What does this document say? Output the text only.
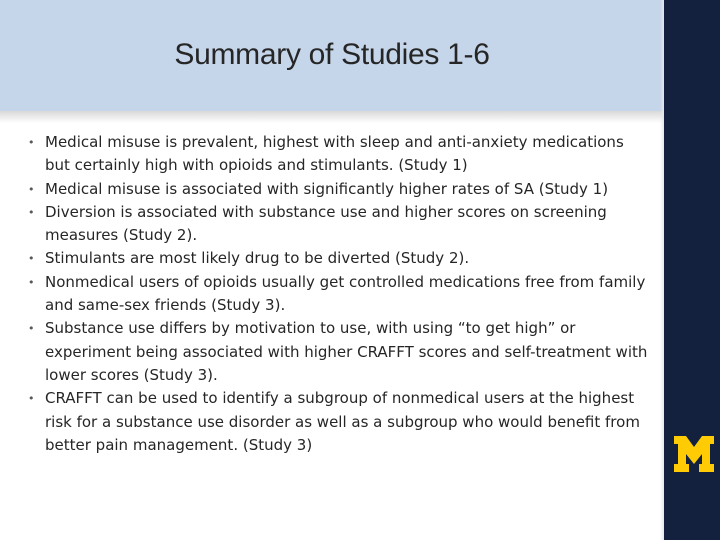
Summary of Studies 1-6
• Medical misuse is prevalent, highest with sleep and anti-anxiety medications but certainly high with opioids and stimulants. (Study 1)
• Medical misuse is associated with significantly higher rates of SA (Study 1)
• Diversion is associated with substance use and higher scores on screening measures (Study 2).
• Stimulants are most likely drug to be diverted (Study 2).
• Nonmedical users of opioids usually get controlled medications free from family and same-sex friends (Study 3).
• Substance use differs by motivation to use, with using “to get high” or experiment being associated with higher CRAFFT scores and self-treatment with lower scores (Study 3).
• CRAFFT can be used to identify a subgroup of nonmedical users at the highest risk for a substance use disorder as well as a subgroup who would benefit from better pain management. (Study 3)
